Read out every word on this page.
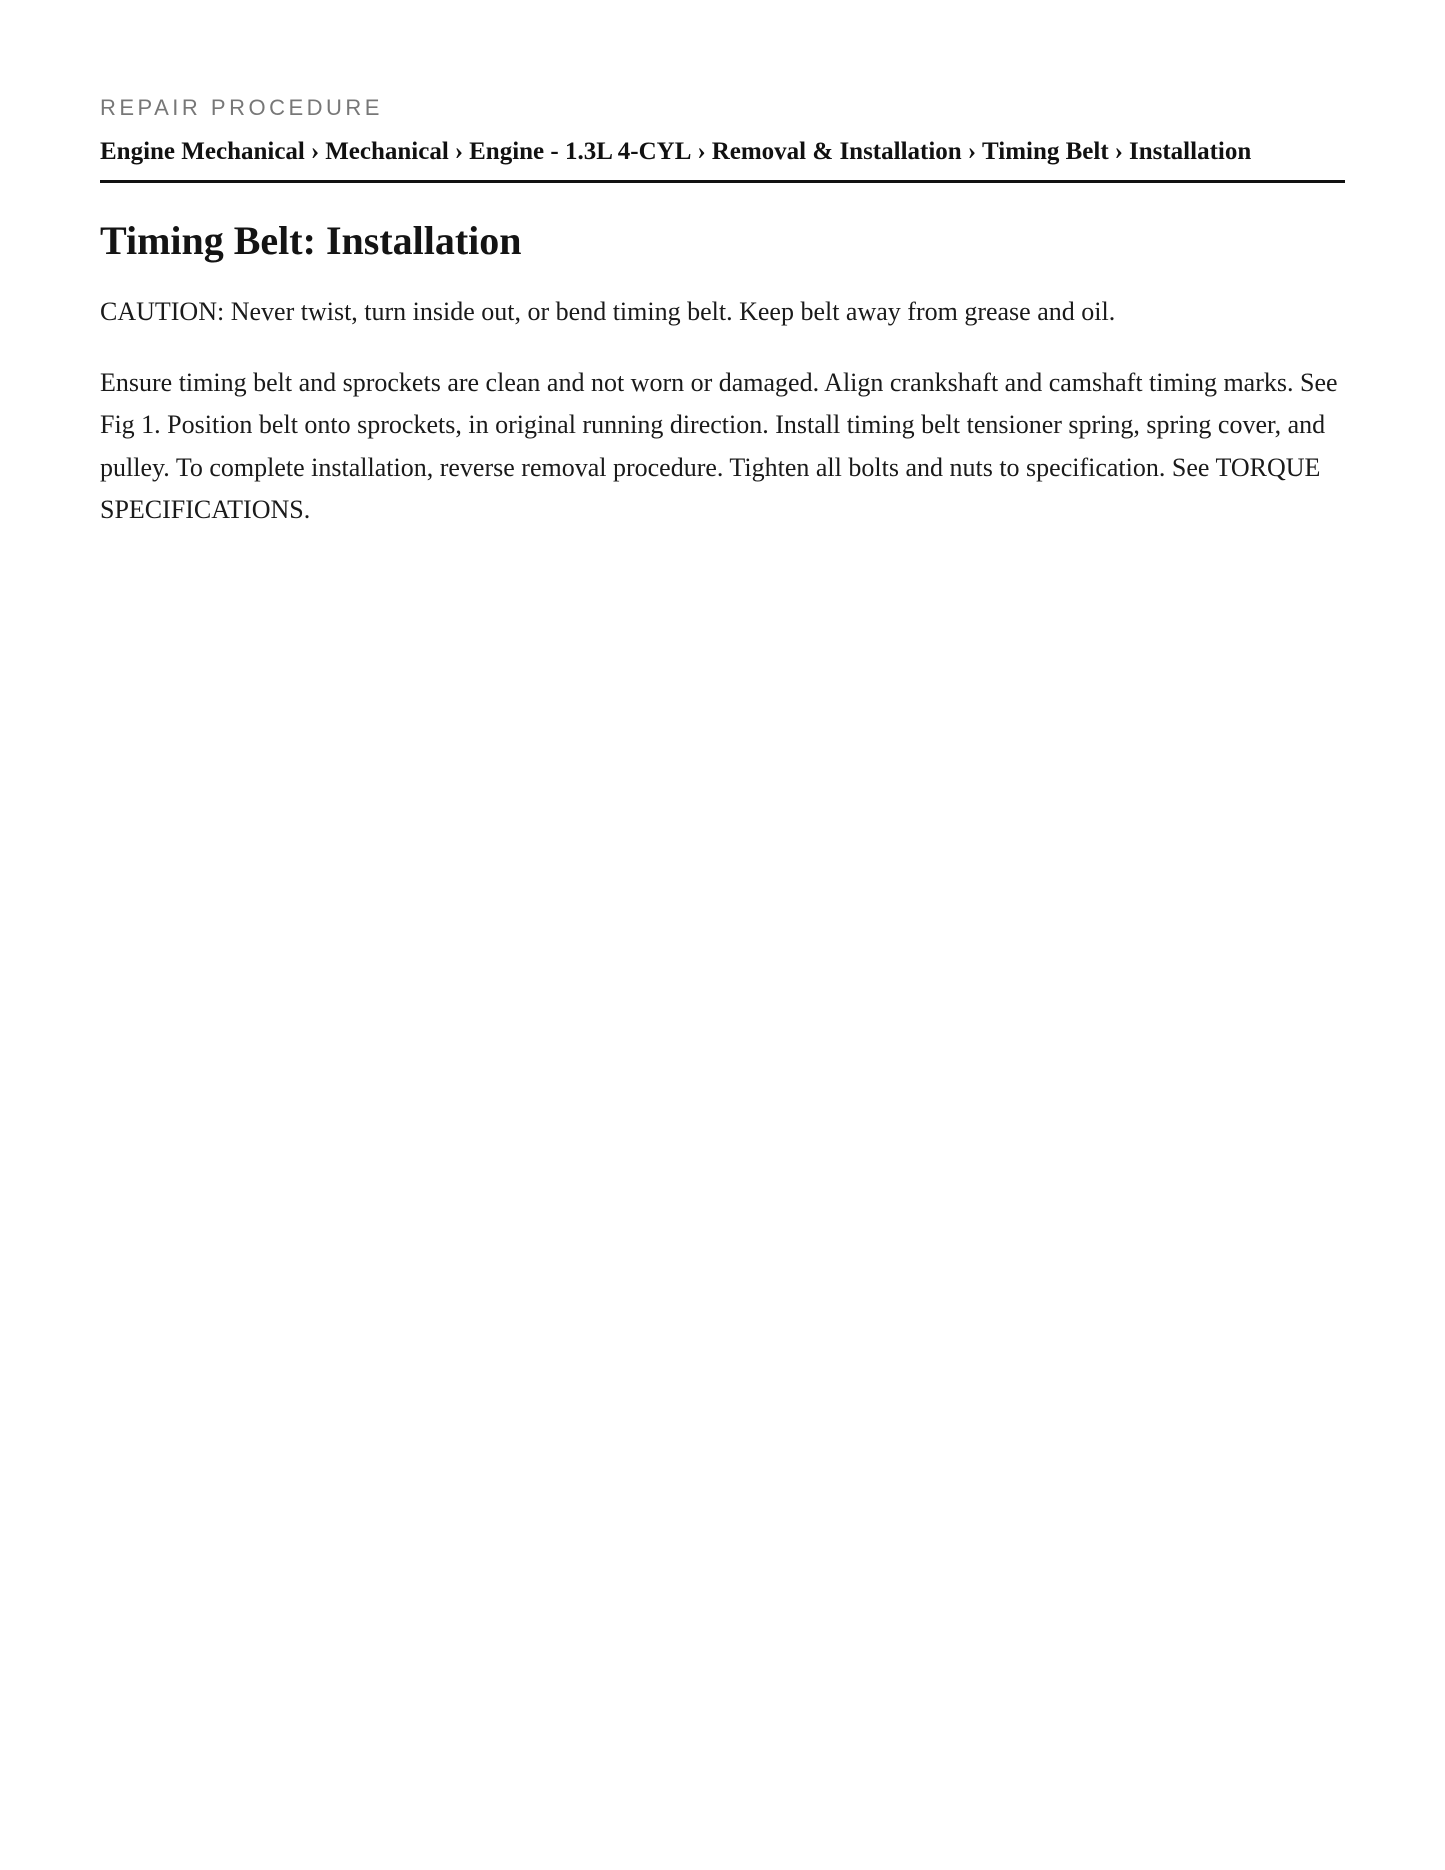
REPAIR PROCEDURE
Engine Mechanical › Mechanical › Engine - 1.3L 4-CYL › Removal & Installation › Timing Belt › Installation
Timing Belt: Installation

CAUTION: Never twist, turn inside out, or bend timing belt. Keep belt away from grease and oil.

Ensure timing belt and sprockets are clean and not worn or damaged. Align crankshaft and camshaft timing marks. See Fig 1. Position belt onto sprockets, in original running direction. Install timing belt tensioner spring, spring cover, and pulley. To complete installation, reverse removal procedure. Tighten all bolts and nuts to specification. See TORQUE SPECIFICATIONS.
